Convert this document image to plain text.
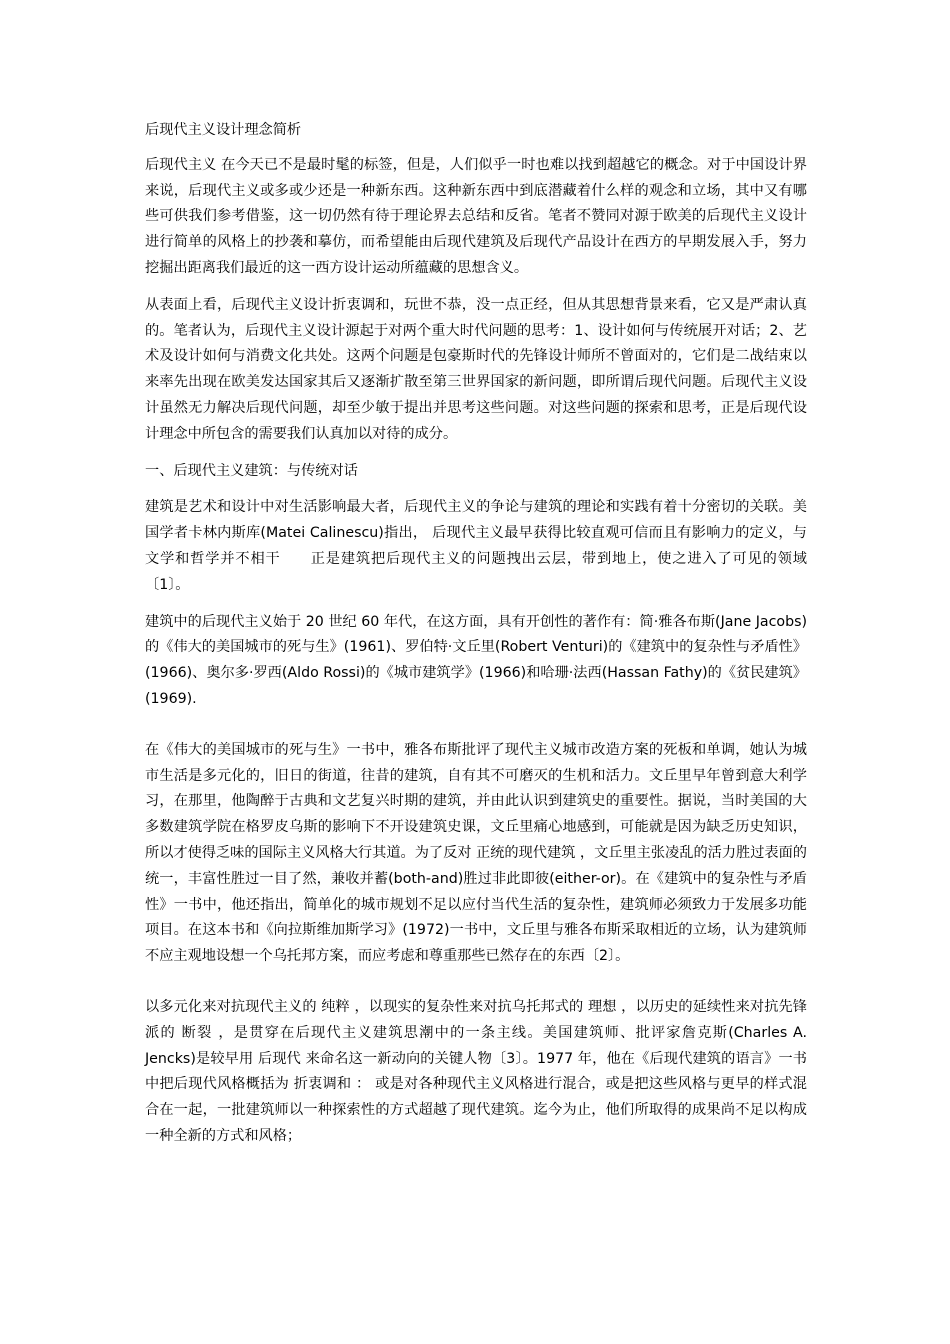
后现代主义设计理念简析

后现代主义 在今天已不是最时髦的标签，但是，人们似乎一时也难以找到超越它的概念。对于中国设计界来说，后现代主义或多或少还是一种新东西。这种新东西中到底潜藏着什么样的观念和立场，其中又有哪些可供我们参考借鉴，这一切仍然有待于理论界去总结和反省。笔者不赞同对源于欧美的后现代主义设计进行简单的风格上的抄袭和摹仿，而希望能由后现代建筑及后现代产品设计在西方的早期发展入手，努力挖掘出距离我们最近的这一西方设计运动所蕴藏的思想含义。

从表面上看，后现代主义设计折衷调和，玩世不恭，没一点正经，但从其思想背景来看，它又是严肃认真的。笔者认为，后现代主义设计源起于对两个重大时代问题的思考：1、设计如何与传统展开对话；2、艺术及设计如何与消费文化共处。这两个问题是包豪斯时代的先锋设计师所不曾面对的，它们是二战结束以来率先出现在欧美发达国家其后又逐渐扩散至第三世界国家的新问题，即所谓后现代问题。后现代主义设计虽然无力解决后现代问题，却至少敏于提出并思考这些问题。对这些问题的探索和思考，正是后现代设计理念中所包含的需要我们认真加以对待的成分。

一、后现代主义建筑：与传统对话

建筑是艺术和设计中对生活影响最大者，后现代主义的争论与建筑的理论和实践有着十分密切的关联。美国学者卡林内斯库(Matei Calinescu)指出， 后现代主义最早获得比较直观可信而且有影响力的定义，与文学和哲学并不相干　　正是建筑把后现代主义的问题拽出云层，带到地上，使之进入了可见的领域 〔1〕。

建筑中的后现代主义始于 20 世纪 60 年代，在这方面，具有开创性的著作有：简·雅各布斯(Jane Jacobs)的《伟大的美国城市的死与生》(1961)、罗伯特·文丘里(Robert Venturi)的《建筑中的复杂性与矛盾性》(1966)、奥尔多·罗西(Aldo Rossi)的《城市建筑学》(1966)和哈珊·法西(Hassan Fathy)的《贫民建筑》(1969).

在《伟大的美国城市的死与生》一书中，雅各布斯批评了现代主义城市改造方案的死板和单调，她认为城市生活是多元化的，旧日的街道，往昔的建筑，自有其不可磨灭的生机和活力。文丘里早年曾到意大利学习，在那里，他陶醉于古典和文艺复兴时期的建筑，并由此认识到建筑史的重要性。据说，当时美国的大多数建筑学院在格罗皮乌斯的影响下不开设建筑史课，文丘里痛心地感到，可能就是因为缺乏历史知识，所以才使得乏味的国际主义风格大行其道。为了反对 正统的现代建筑 ，文丘里主张凌乱的活力胜过表面的统一，丰富性胜过一目了然，兼收并蓄(both-and)胜过非此即彼(either-or)。在《建筑中的复杂性与矛盾性》一书中，他还指出，简单化的城市规划不足以应付当代生活的复杂性，建筑师必须致力于发展多功能项目。在这本书和《向拉斯维加斯学习》(1972)一书中，文丘里与雅各布斯采取相近的立场，认为建筑师不应主观地设想一个乌托邦方案，而应考虑和尊重那些已然存在的东西〔2〕。

以多元化来对抗现代主义的 纯粹 ，以现实的复杂性来对抗乌托邦式的 理想 ，以历史的延续性来对抗先锋派的 断裂 ，是贯穿在后现代主义建筑思潮中的一条主线。美国建筑师、批评家詹克斯(Charles A. Jencks)是较早用 后现代 来命名这一新动向的关键人物〔3〕。1977 年，他在《后现代建筑的语言》一书中把后现代风格概括为 折衷调和 ： 或是对各种现代主义风格进行混合，或是把这些风格与更早的样式混合在一起，一批建筑师以一种探索性的方式超越了现代建筑。迄今为止，他们所取得的成果尚不足以构成一种全新的方式和风格；
